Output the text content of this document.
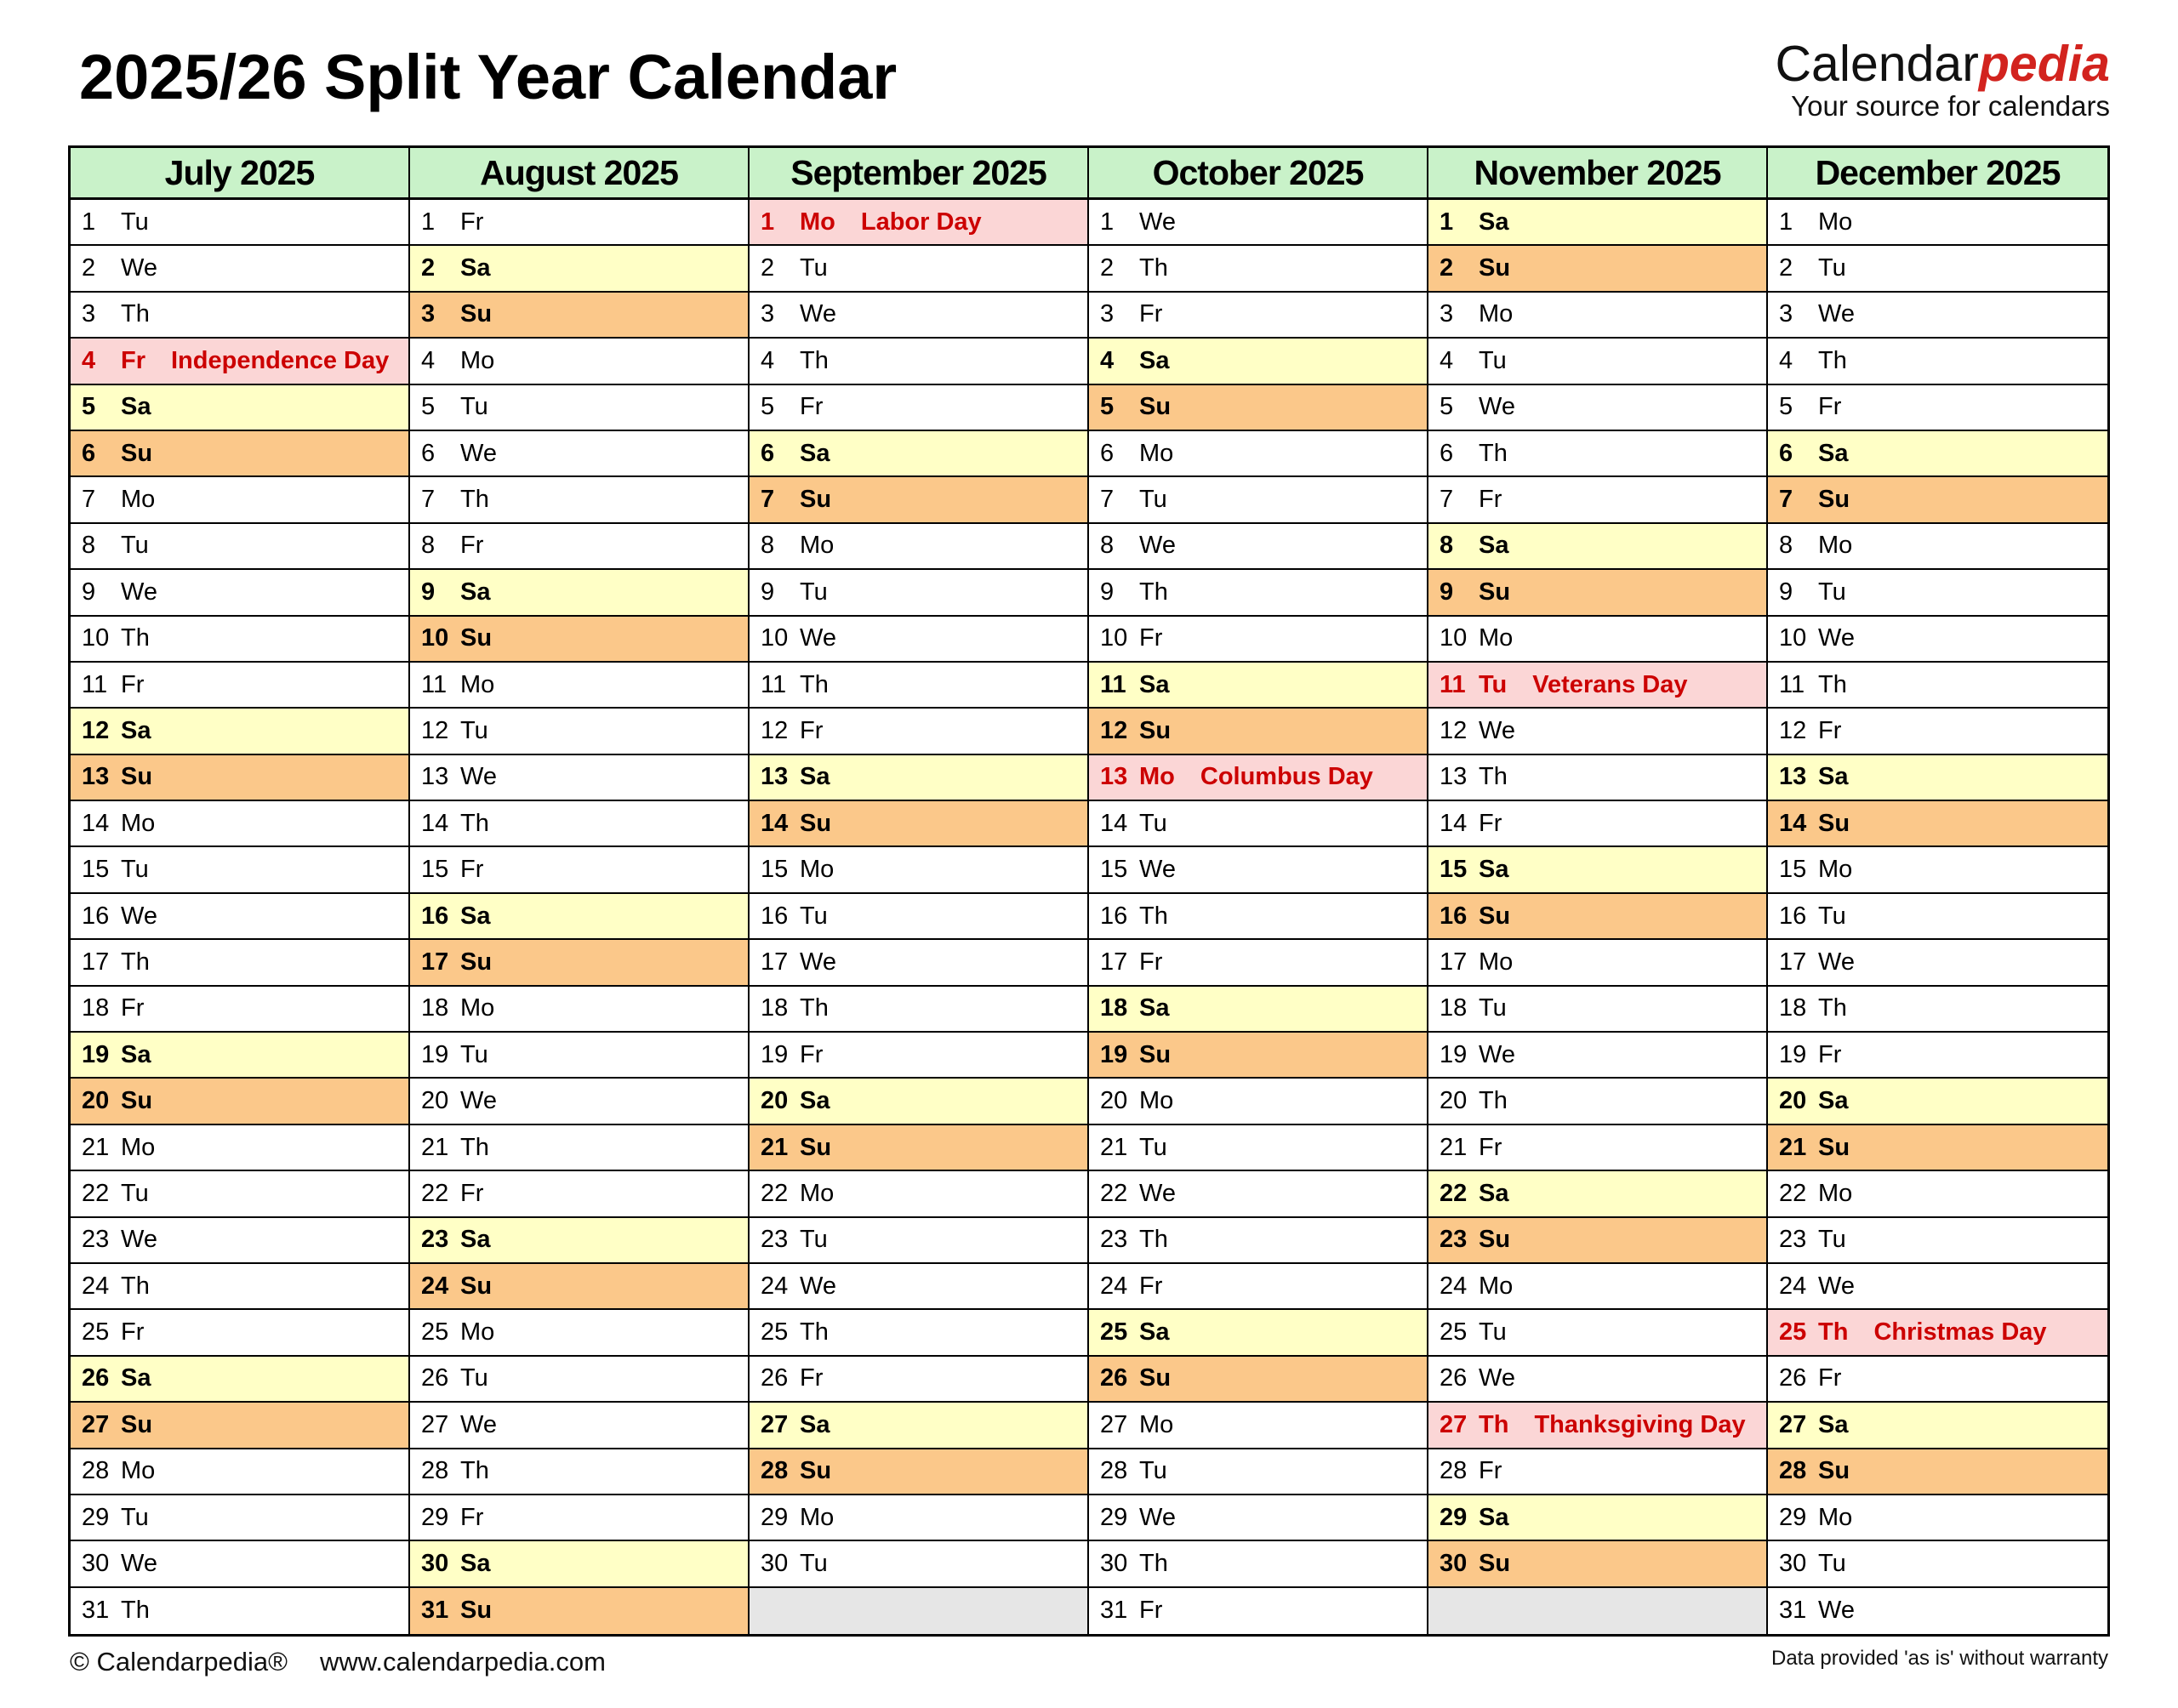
2025/26 Split Year Calendar	Calendarpedia
Your source for calendars
July 2025
1	Tu
2	We
3	Th
4	Fr Independence Day
5	Sa
6	Su
7	Mo
8	Tu
9	We
10 Th
11 Fr
12 Sa
13 Su
14 Mo
15 Tu
16 We
17 Th
18 Fr
19 Sa
20 Su
21 Mo
22 Tu
23 We
24 Th
25 Fr
26 Sa
27 Su
28 Mo
29 Tu
30 We
31 Th
August 2025
1	Fr
2	Sa
3	Su
4	Mo
5	Tu
6	We
7	Th
8	Fr
9	Sa
10 Su
11 Mo
12 Tu
13 We
14 Th
15 Fr
16 Sa
17 Su
18 Mo
19 Tu
20 We
21 Th
22 Fr
23 Sa
24 Su
25 Mo
26 Tu
27 We
28 Th
29 Fr
30 Sa
31 Su
September 2025
1	Mo Labor Day
2	Tu
3	We
4	Th
5	Fr
6	Sa
7	Su
8	Mo
9	Tu
10 We
11 Th
12 Fr
13 Sa
14 Su
15 Mo
16 Tu
17 We
18 Th
19 Fr
20 Sa
21 Su
22 Mo
23 Tu
24 We
25 Th
26 Fr
27 Sa
28 Su
29 Mo
30 Tu
October 2025
1	We
2	Th
3	Fr
4	Sa
5	Su
6	Mo
7	Tu
8	We
9	Th
10 Fr
11 Sa
12 Su
13 Mo Columbus Day
14 Tu
15 We
16 Th
17 Fr
18 Sa
19 Su
20 Mo
21 Tu
22 We
23 Th
24 Fr
25 Sa
26 Su
27 Mo
28 Tu
29 We
30 Th
31 Fr
November 2025
1	Sa
2	Su
3	Mo
4	Tu
5	We
6	Th
7	Fr
8	Sa
9	Su
10 Mo
11 Tu Veterans Day
12 We
13 Th
14 Fr
15 Sa
16 Su
17 Mo
18 Tu
19 We
20 Th
21 Fr
22 Sa
23 Su
24 Mo
25 Tu
26 We
27 Th Thanksgiving Day
28 Fr
29 Sa
30 Su
December 2025
1	Mo
2	Tu
3	We
4	Th
5	Fr
6	Sa
7	Su
8	Mo
9	Tu
10 We
11 Th
12 Fr
13 Sa
14 Su
15 Mo
16 Tu
17 We
18 Th
19 Fr
20 Sa
21 Su
22 Mo
23 Tu
24 We
25 Th Christmas Day
26 Fr
27 Sa
28 Su
29 Mo
30 Tu
31 We
© Calendarpedia® www.calendarpedia.com	Data provided 'as is' without warranty
